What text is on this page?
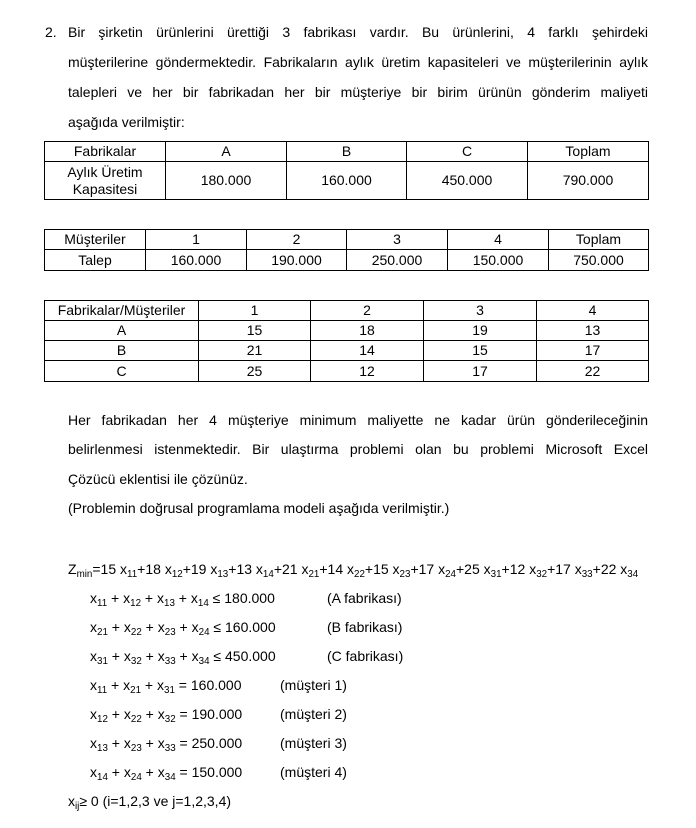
2. Bir şirketin ürünlerini ürettiği 3 fabrikası vardır. Bu ürünlerini, 4 farklı şehirdeki
müşterilerine göndermektedir. Fabrikaların aylık üretim kapasiteleri ve müşterilerinin aylık
talepleri ve her bir fabrikadan her bir müşteriye bir birim ürünün gönderim maliyeti
aşağıda verilmiştir:
Fabrikalar	A	B	C	Toplam
Aylık Üretim Kapasitesi	180.000	160.000	450.000	790.000
Müşteriler	1	2	3	4	Toplam
Talep	160.000	190.000	250.000	150.000	750.000
Fabrikalar/Müşteriler	1	2	3	4
A	15	18	19	13
B	21	14	15	17
C	25	12	17	22
Her fabrikadan her 4 müşteriye minimum maliyette ne kadar ürün gönderileceğinin
belirlenmesi istenmektedir. Bir ulaştırma problemi olan bu problemi Microsoft Excel
Çözücü eklentisi ile çözünüz.
(Problemin doğrusal programlama modeli aşağıda verilmiştir.)
$Z_{min}=15$ $x_{11}+18$ $x_{12}+19$ $x_{13}+13$ $x_{14}+21$ $x_{21}+14$ $x_{22}+15$ $x_{23}+17$ $x_{24}+25$ $x_{31}+12$ $x_{32}+17$ $x_{33}+22$ $x_{34}$
$x_{11} + x_{12} + x_{13} + x_{14} \le 180.000$	(A fabrikası)
$x_{21} + x_{22} + x_{23} + x_{24} \le 160.000$	(B fabrikası)
$x_{31} + x_{32} + x_{33} + x_{34} \le 450.000$	(C fabrikası)
$x_{11} + x_{21} + x_{31} = 160.000$	(müşteri 1)
$x_{12} + x_{22} + x_{32} = 190.000$	(müşteri 2)
$x_{13} + x_{23} + x_{33} = 250.000$	(müşteri 3)
$x_{14} + x_{24} + x_{34} = 150.000$	(müşteri 4)
$x_{ij}\ge 0$ (i=1,2,3 ve j=1,2,3,4)
